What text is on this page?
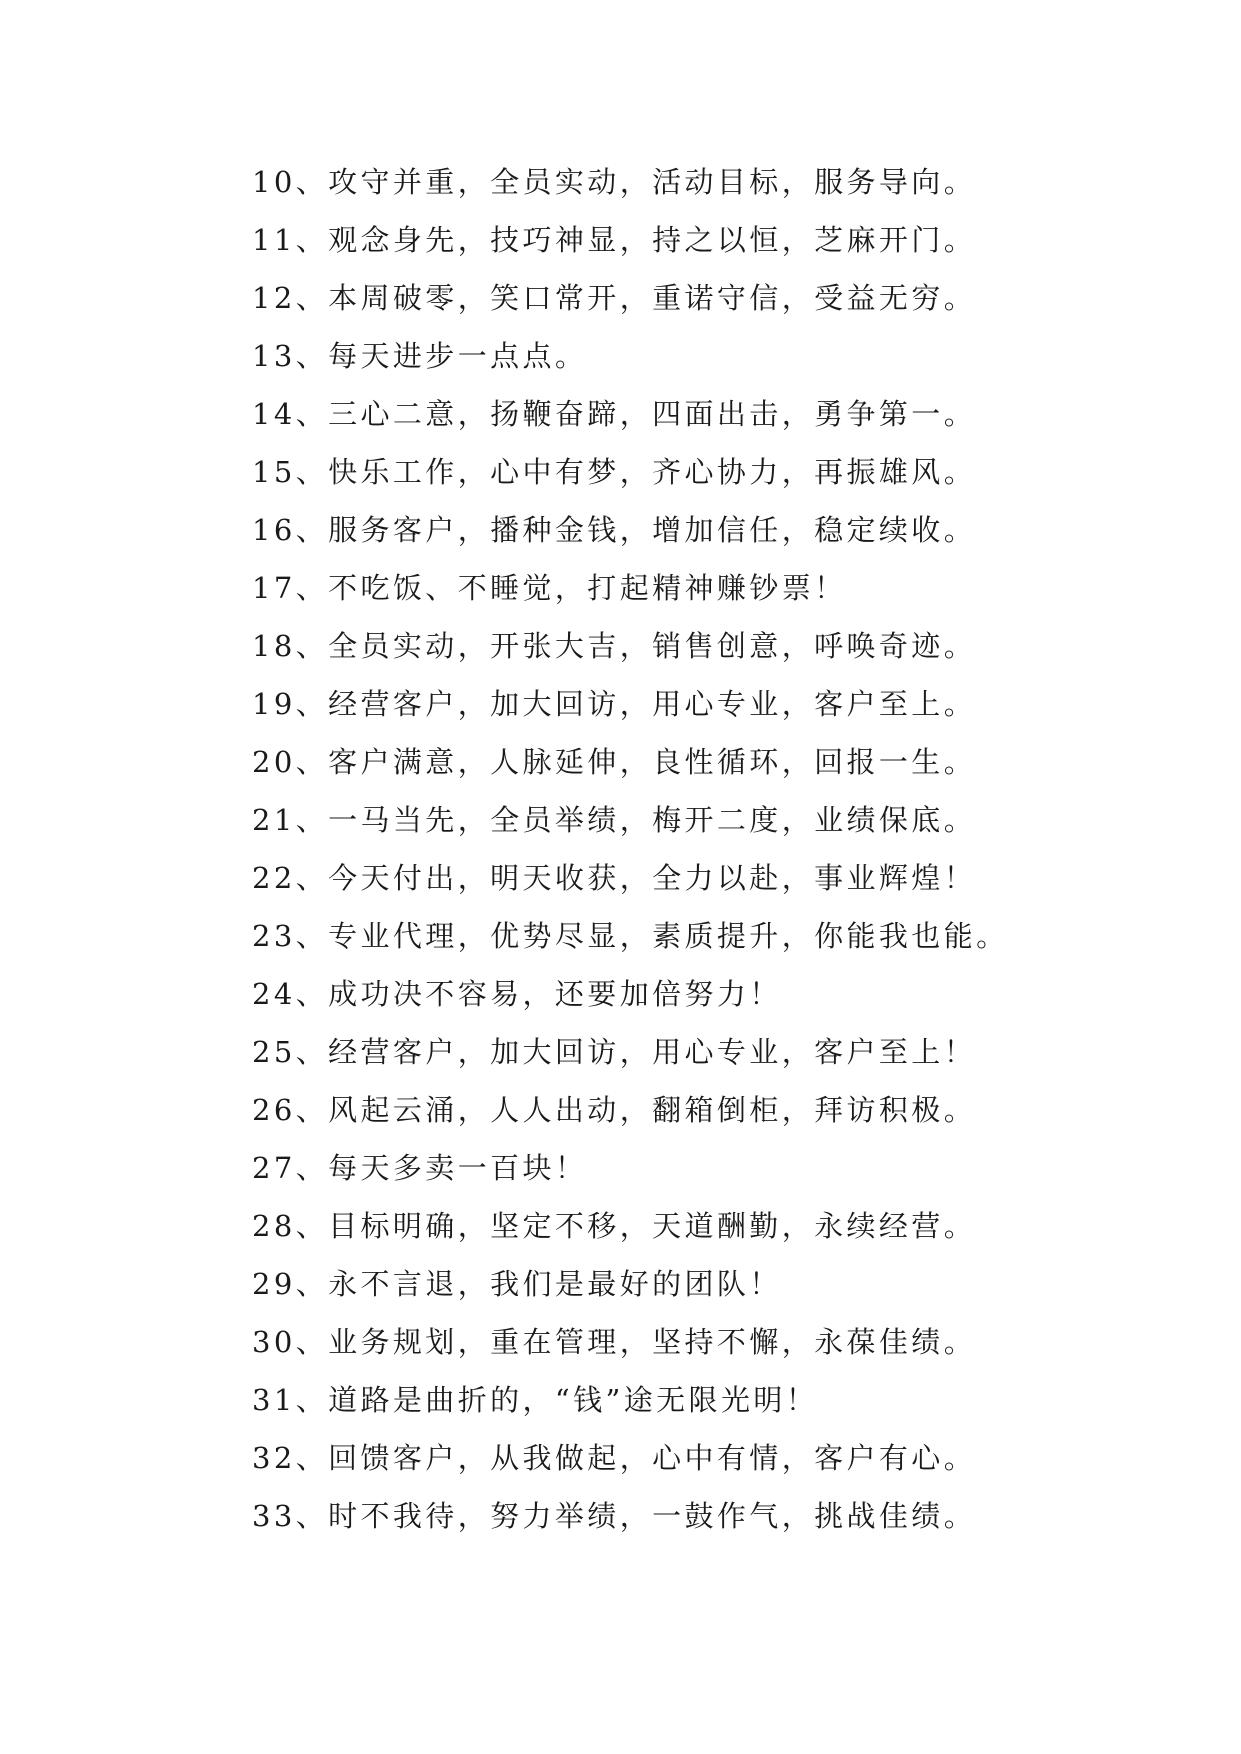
10、攻守并重，全员实动，活动目标，服务导向。
11、观念身先，技巧神显，持之以恒，芝麻开门。
12、本周破零，笑口常开，重诺守信，受益无穷。
13、每天进步一点点。
14、三心二意，扬鞭奋蹄，四面出击，勇争第一。
15、快乐工作，心中有梦，齐心协力，再振雄风。
16、服务客户，播种金钱，增加信任，稳定续收。
17、不吃饭、不睡觉，打起精神赚钞票！
18、全员实动，开张大吉，销售创意，呼唤奇迹。
19、经营客户，加大回访，用心专业，客户至上。
20、客户满意，人脉延伸，良性循环，回报一生。
21、一马当先，全员举绩，梅开二度，业绩保底。
22、今天付出，明天收获，全力以赴，事业辉煌！
23、专业代理，优势尽显，素质提升，你能我也能。
24、成功决不容易，还要加倍努力！
25、经营客户，加大回访，用心专业，客户至上！
26、风起云涌，人人出动，翻箱倒柜，拜访积极。
27、每天多卖一百块！
28、目标明确，坚定不移，天道酬勤，永续经营。
29、永不言退，我们是最好的团队！
30、业务规划，重在管理，坚持不懈，永葆佳绩。
31、道路是曲折的，“钱”途无限光明！
32、回馈客户，从我做起，心中有情，客户有心。
33、时不我待，努力举绩，一鼓作气，挑战佳绩。
